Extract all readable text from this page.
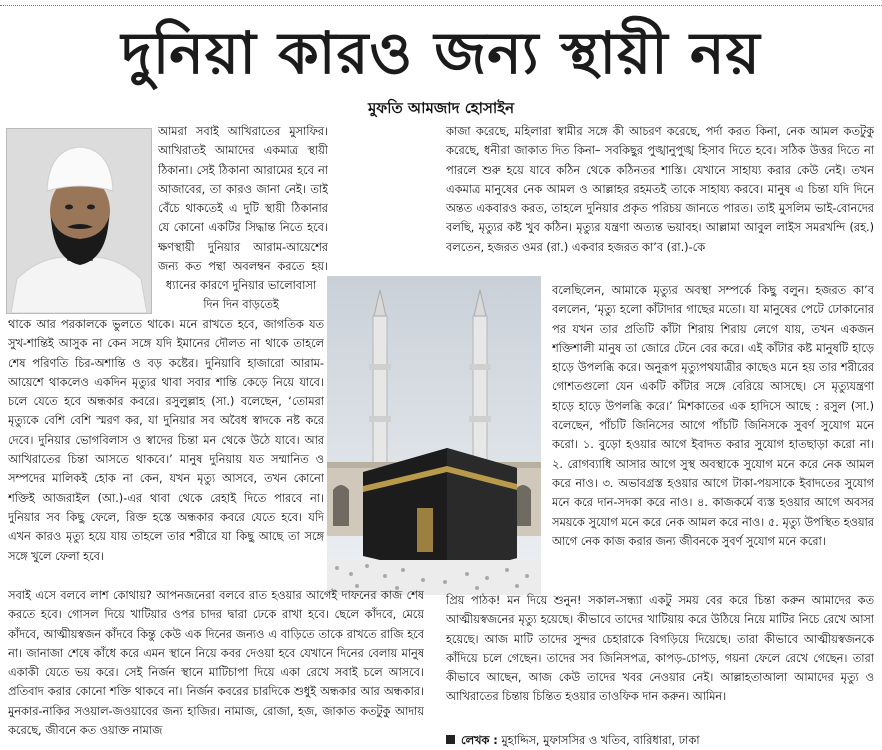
দুনিয়া কারও জন্য স্থায়ী নয়
মুফতি আমজাদ হোসাইন

আমরা সবাই আখিরাতের মুসাফির। আখিরাতই আমাদের একমাত্র স্থায়ী ঠিকানা। সেই ঠিকানা আরামের হবে না আজাবের, তা কারও জানা নেই। তাই বেঁচে থাকতেই এ দুটি স্থায়ী ঠিকানার যে কোনো একটির সিদ্ধান্ত নিতে হবে। ক্ষণস্থায়ী দুনিয়ার আরাম-আয়েশের জন্য কত পন্থা অবলম্বন করতে হয়।

ধ্যানের কারণে দুনিয়ার ভালোবাসা দিন দিন বাড়তেই

থাকে আর পরকালকে ভুলতে থাকে। মনে রাখতে হবে, জাগতিক যত সুখ-শান্তিই আসুক না কেন সঙ্গে যদি ইমানের দৌলত না থাকে তাহলে শেষ পরিণতি চির-অশান্তি ও বড় কষ্টের। দুনিয়াবি হাজারো আরাম-আয়েশে থাকলেও একদিন মৃত্যুর থাবা সবার শান্তি কেড়ে নিয়ে যাবে। চলে যেতে হবে অন্ধকার কবরে। রসুলুল্লাহ (সা.) বলেছেন, ‘তোমরা মৃত্যুকে বেশি বেশি স্মরণ কর, যা দুনিয়ার সব অবৈধ স্বাদকে নষ্ট করে দেবে। দুনিয়ার ভোগবিলাস ও স্বাদের চিন্তা মন থেকে উঠে যাবে। আর আখিরাতের চিন্তা আসতে থাকবে।’ মানুষ দুনিয়ায় যত সম্মানিত ও সম্পদের মালিকই হোক না কেন, যখন মৃত্যু আসবে, তখন কোনো শক্তিই আজরাইল (আ.)-এর থাবা থেকে রেহাই দিতে পারবে না। দুনিয়ার সব কিছু ফেলে, রিক্ত হস্তে অন্ধকার কবরে যেতে হবে। যদি এখন কারও মৃত্যু হয়ে যায় তাহলে তার শরীরে যা কিছু আছে তা সঙ্গে সঙ্গে খুলে ফেলা হবে।

সবাই এসে বলবে লাশ কোথায়? আপনজনেরা বলবে রাত হওয়ার আগেই দাফনের কাজ শেষ করতে হবে। গোসল দিয়ে খাটিয়ার ওপর চাদর দ্বারা ঢেকে রাখা হবে। ছেলে কাঁদবে, মেয়ে কাঁদবে, আত্মীয়স্বজন কাঁদবে কিন্তু কেউ এক দিনের জন্যও এ বাড়িতে তাকে রাখতে রাজি হবে না। জানাজা শেষে কাঁধে করে এমন স্থানে নিয়ে কবর দেওয়া হবে যেখানে দিনের বেলায় মানুষ একাকী যেতে ভয় করে। সেই নির্জন স্থানে মাটিচাপা দিয়ে একা রেখে সবাই চলে আসবে। প্রতিবাদ করার কোনো শক্তি থাকবে না। নির্জন কবরের চারদিকে শুধুই অন্ধকার আর অন্ধকার। মুনকার-নাকির সওয়াল-জওয়াবের জন্য হাজির। নামাজ, রোজা, হজ, জাকাত কতটুকু আদায় করেছে, জীবনে কত ওয়াক্ত নামাজ

কাজা করেছে, মহিলারা স্বামীর সঙ্গে কী আচরণ করেছে, পর্দা করত কিনা, নেক আমল কতটুকু করেছে, ধনীরা জাকাত দিত কিনা– সবকিছুর পুঙ্খানুপুঙ্খ হিসাব দিতে হবে। সঠিক উত্তর দিতে না পারলে শুরু হয়ে যাবে কঠিন থেকে কঠিনতর শাস্তি। যেখানে সাহায্য করার কেউ নেই। তখন একমাত্র মানুষের নেক আমল ও আল্লাহর রহমতই তাকে সাহায্য করবে। মানুষ এ চিন্তা যদি দিনে অন্তত একবারও করত, তাহলে দুনিয়ার প্রকৃত পরিচয় জানতে পারত। তাই মুসলিম ভাই-বোনদের বলছি, মৃত্যুর কষ্ট খুব কঠিন। মৃত্যুর যন্ত্রণা অত্যন্ত ভয়াবহ। আল্লামা আবুল লাইস সমরখন্দি (রহ.) বলতেন, হজরত ওমর (রা.) একবার হজরত কা’ব (রা.)-কে

বলেছিলেন, আমাকে মৃত্যুর অবস্থা সম্পর্কে কিছু বলুন। হজরত কা’ব বললেন, ‘মৃত্যু হলো কাঁটাদার গাছের মতো। যা মানুষের পেটে ঢোকানোর পর যখন তার প্রতিটি কাঁটা শিরায় শিরায় লেগে যায়, তখন একজন শক্তিশালী মানুষ তা জোরে টেনে বের করে। এই কাঁটার কষ্ট মানুষটি হাড়ে হাড়ে উপলব্ধি করে। অনুরূপ মৃত্যুপথযাত্রীর কাছেও মনে হয় তার শরীরের গোশতগুলো যেন একটি কাঁটার সঙ্গে বেরিয়ে আসছে। সে মৃত্যুযন্ত্রণা হাড়ে হাড়ে উপলব্ধি করে।’ মিশকাতের এক হাদিসে আছে : রসুল (সা.) বলেছেন, পাঁচটি জিনিসের আগে পাঁচটি জিনিসকে সুবর্ণ সুযোগ মনে করো। ১. বুড়ো হওয়ার আগে ইবাদত করার সুযোগ হাতছাড়া করো না। ২. রোগব্যাধি আসার আগে সুস্থ অবস্থাকে সুযোগ মনে করে নেক আমল করে নাও। ৩. অভাবগ্রস্ত হওয়ার আগে টাকা-পয়সাকে ইবাদতের সুযোগ মনে করে দান-সদকা করে নাও। ৪. কাজকর্মে ব্যস্ত হওয়ার আগে অবসর সময়কে সুযোগ মনে করে নেক আমল করে নাও। ৫. মৃত্যু উপস্থিত হওয়ার আগে নেক কাজ করার জন্য জীবনকে সুবর্ণ সুযোগ মনে করো।

প্রিয় পাঠক! মন দিয়ে শুনুন! সকাল-সন্ধ্যা একটু সময় বের করে চিন্তা করুন আমাদের কত আত্মীয়স্বজনের মৃত্যু হয়েছে। কীভাবে তাদের খাটিয়ায় করে উঠিয়ে নিয়ে মাটির নিচে রেখে আসা হয়েছে। আজ মাটি তাদের সুন্দর চেহারাকে বিগড়িয়ে দিয়েছে। তারা কীভাবে আত্মীয়স্বজনকে কাঁদিয়ে চলে গেছেন। তাদের সব জিনিসপত্র, কাপড়-চোপড়, গয়না ফেলে রেখে গেছেন। তারা কীভাবে আছেন, আজ কেউ তাদের খবর নেওয়ার নেই। আল্লাহতাআলা আমাদের মৃত্যু ও আখিরাতের চিন্তায় চিন্তিত হওয়ার তাওফিক দান করুন। আমিন।

লেখক : মুহাদ্দিস, মুফাসসির ও খতিব, বারিধারা, ঢাকা
